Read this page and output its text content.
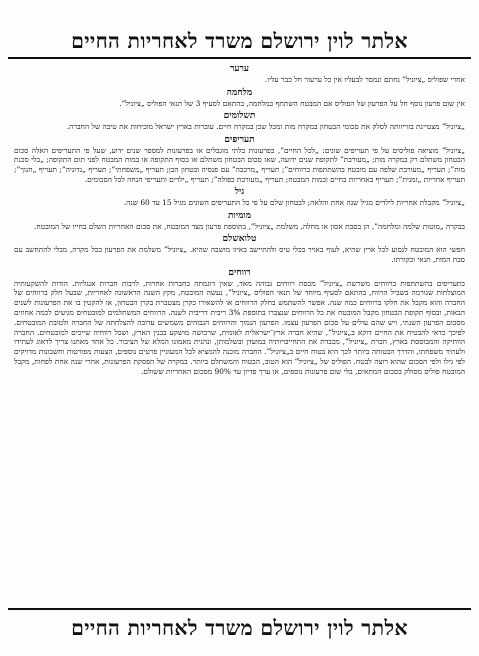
אלתר לוין ירושלם משרד לאחריות החיים
ערער

אחרי שפוליס „ציוניל” נחתם ונמסר לבעליו אין כל ערעור חל כבר עליו.

מלחמה

אין שום פרעון נוסף חל על הפרעון של הפוליס אם המבטח השתתף במלחמה, בהתאם לסעיף 3 של תנאי הפוליס „ציוניל”.

תשלומים

„ציוניל” מצטיינת בזריזותה לסלק את סכומי הבטחון במקרה מות ומכל שכן במקרה חיים. עוברות בארץ ישראל מוכיחות את טיבה של החברה.

תעריפים

„ציוניל” מוציאה פוליסים על פי תעריפים שונים: „לכל החיים”, בפרעונות בלתי מוגבלים או בפרעונות למספר שנים ידוע, שעל פי התעריפים האלה סכום הבטחון משתלם רק במקרה מות; „מעורבת” לתקופת שנים ידועה, שאז סכום הבטחון משתלם או בסוף התקופה או במות המבטח לפני תום התקופה; „בלי סכנת מות”; תעריף „מעורבת שלפה עם מובטח בהשתתפות ברווחים”; תעריף „מרכבה” עם פנסיה ובטחון הבן; תעריף „משפחתי”; תעריף „נדוניה”; תעריף „חנוך”; תעריף אחריות „זמנית”; תעריף באחריות בחיים ובמות המבטח; תעריף „מעורבת כפולה”; תעריף „ילדים ותעריפי הנחה לכל הסכומים.

גיל

„ציוניל” מקבלת אחריות לילדים מגיל שנה אחת והלאה; לבטחון שלם על פי כל התעריפים השונים מגיל 15 עד 60 שנה.

מומיות

בבקרה „מוטות שלמה ומלחמה”, הן בסבת אסון או מחלה, משלמת „ציוניל”, בתוספת פרעון מצד המובטח, את סכום האחריות השלם בחייו של המובטח.

טלואשלם

חפשי הוא המובטח לנסוע לכל ארץ שהיא, לעוף באויר בכלי טיס ולהתיישב באיזו מושבה שהיא. „ציוניל” משלמת את הפרעון בכל מקרה, מבלי להתחשב עם סבת המות, תנאי ובקורתו.

רווחים

בתעריפים בהשתתפות ברווחים משרשת „ציוניל” מכסת רווחים גבוהה מאד, שאין דוגמתה בחברות אחרות, לרבות חברות אנגליות. הודות להשקעותיה המוצלחות שגורמה בשביל הרווח, בהתאם לסעיף מיוחד של תנאי הפוליס „ציוניל”, נעשה המובטח, מקץ השנה הראשונה לאחריות, שבעל חלק ברווחים של החברה והוא מקבל את חלקו ברווחים כמה שנה. אפשר להשתמש בחלק הרווחים או להשאירו כקרן מצטברת בקרן הבטחון, או להקטין בו את הפרעונות לשנים הבאות, ובסוף תקופת הבטחון מקבל המובטח את כל הרווחים שנצברו בתוספת 3% ריבית דריבית לשנה. הרווחים המשתלמים למובטחים מגיעים לכמה אחוזים מסכום הפרעון השנתי, ויש שהם עולים על סכום הפרעון עצמו. הפרעון הנמוך והרווחים הגבוהים משמשים ערובה להצלחתה של החברה ולטובת המובטחים. לפיכך כדאי להבטיח את החיים דוקא ב„ציוניל”, שהיא חברה ארץ־ישראלית לאומית, שרכושה מושקע בבנין הארץ, ושכל רווחיה שייכים למובטחים. החברה הוותיקה והמבוססת בארץ, חברת „ציוניל”, מכבדת את התחייבויותיה במועדן ובשלמותן, ונהנית מאמונו המלא של הציבור. כל אחד מאתנו צריך לדאוג לעתידו ולעתיד משפחתו, והדרך הבטוחה ביותר לכך היא בטוח חיים ב„ציוניל”. החברה מוכנה להמציא לכל המעוניין פרטים נוספים, הצעות מפורטות וחשבונות מדויקים לפי גילו ולפי הסכום שהוא רוצה לבטח. הפוליס של „ציוניל” הוא הטוב, הבטוח והמשתלם ביותר. במקרה של הפסקת הפרעונות, אחרי שנה אחת לפחות, מקבל המובטח פוליס מסולק בסכום המתאים, בלי שום פרעונות נוספים, או ערך פדיון עד 90% מסכום האחריות ששולם.

אלתר לוין ירושלם משרד לאחריות החיים
